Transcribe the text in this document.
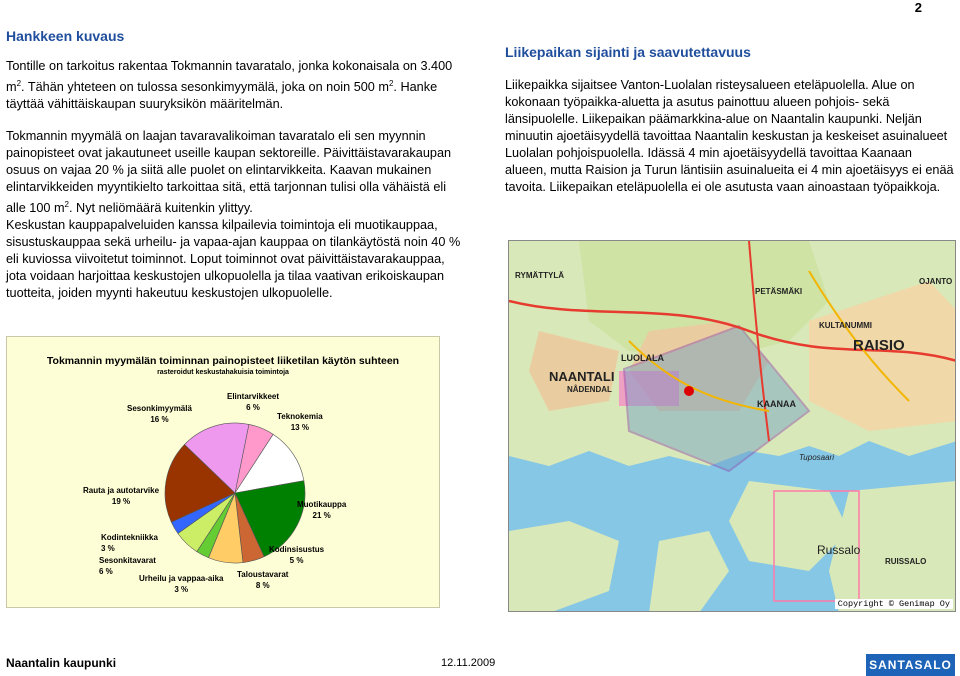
2
Hankkeen kuvaus

Tontille on tarkoitus rakentaa Tokmannin tavaratalo, jonka kokonaisala on 3.400 $m^2$. Tähän yhteteen on tulossa sesonkimyymälä, joka on noin 500 $m^2$. Hanke täyttää vähittäiskaupan suuryksikön määritelmän.

Tokmannin myymälä on laajan tavaravalikoiman tavaratalo eli sen myynnin painopisteet ovat jakautuneet useille kaupan sektoreille. Päivittäistavarakaupan osuus on vajaa 20 % ja siitä alle puolet on elintarvikkeita. Kaavan mukainen elintarvikkeiden myyntikielto tarkoittaa sitä, että tarjonnan tulisi olla vähäistä eli alle 100 $m^2$. Nyt neliömäärä kuitenkin ylittyy.

Keskustan kauppapalveluiden kanssa kilpailevia toimintoja eli muotikauppaa, sisustuskauppaa sekä urheilu- ja vapaa-ajan kauppaa on tilankäytöstä noin 40 % eli kuviossa viivoitetut toiminnot. Loput toiminnot ovat päivittäistavarakauppaa, jota voidaan harjoittaa keskustojen ulkopuolella ja tilaa vaativan erikoiskaupan tuotteita, joiden myynti hakeutuu keskustojen ulkopuolelle.

Liikepaikan sijainti ja saavutettavuus

Liikepaikka sijaitsee Vanton-Luolalan risteysalueen eteläpuolella. Alue on kokonaan työpaikka-aluetta ja asutus painottuu alueen pohjois- sekä länsipuolelle. Liikepaikan päämarkkina-alue on Naantalin kaupunki. Neljän minuutin ajoetäisyydellä tavoittaa Naantalin keskustan ja keskeiset asuinalueet Luolalan pohjoispuolella. Idässä 4 min ajoetäisyydellä tavoittaa Kaanaan alueen, mutta Raision ja Turun läntisiin asuinalueita ei 4 min ajoetäisyys ei enää tavoita. Liikepaikan eteläpuolella ei ole asutusta vaan ainoastaan työpaikkoja.

Tokmannin myymälän toiminnan painopisteet liiketilan käytön suhteen
rasteroidut keskustahakuisia toimintoja
Elintarvikkeet
6 %
Teknokemia
13 %
Muotikauppa
21 %
Kodinsisustus
5 %
Taloustavarat
8 %
Urheilu ja vappaa-aika
3 %
Sesonkitavarat
6 %
Kodintekniikka
3 %
Rauta ja autotarvike
19 %
Sesonkimyymälä
16 %
NAANTALI
NÅDENDAL
RAISIO
LUOLALA
KAANAA
Russalo
RUISSALO
PETÄSMÄKI
OJANTO
KULTANUMMI
RYMÄTTYLÄ
Tuposaari
Copyright © Genimap Oy
Naantalin kaupunki	12.11.2009	SANTASALO
